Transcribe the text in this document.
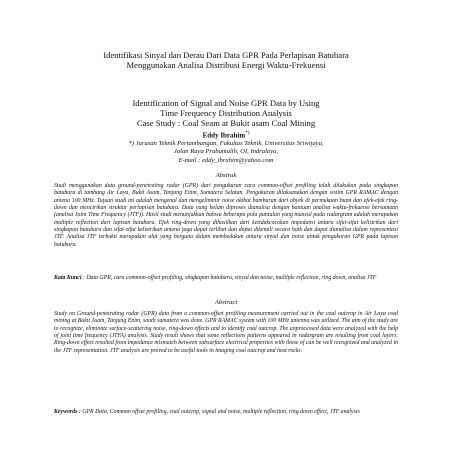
Identifikasi Sinyal dan Derau Dari Data GPR Pada Perlapisan Batubara
Menggunakan Analisa Distribusi Energi Waktu-Frekuensi
Identification of Signal and Noise GPR Data by Using
Time Frequency Distribution Analysis
Case Study : Coal Seam at Bukit asam Coal Mining
Eddy Ibrahim*)
*) Jurusan Teknik Pertambangan, Fakultas Teknik, Universitas Sriwijaya,
Jalan Raya Prabumulih, OI, Indralaya,
E-mail : eddy_ibrahim@yahoo.com
Abstrak
Studi menggunakan data ground-penetrating radar (GPR) dari pengukuran cara common-offset profiling telah dilakukan pada singkapan batubara di tambang Air Laya, Bukit Asam, Tanjung Enim, Sumatera Selatan. Pengukuran dilaksanakan dengan sistim GPR RAMAC dengan antena 100 MHz. Tujuan studi ini adalah mengenal dan mengeliminir noise akibat bamburan dari obyek di permukaan bumi dan efek-efek ring-down dan mencirikan struktur perlapisan batubara. Data yang belum diproses dianalisa dengan bantuan analisa waktu-frekuensi bersamaan (analisa Joint Time Frequency (JTF)). Hasil studi menunjukkan bahwa beberapa pola pantulan yang muncul pada radargram adalah merupakan multiple reflection dari lapisan batubara. Efek ring-down yang dihasilkan dari ketidakcocokan impedansi antara sifat-sifat kelistrikan dari singkapan batubara dan sifat-sifat kelistrikan antena juga dapat terlihat dan dapat dikenali secara baik dan dapat dianalisa dalam representasi JTF. Analisa JTF terbukti merupakan alat yang berguna dalam membedakan antara sinyal dan noise untuk pengukuran GPR pada lapisan batubara.
Kata Kunci : Data GPR, cara common-offset profiling, singkapan batubara, sinyal dan noise, multiple reflection, ring down, analisa JTF
Abstract
Study on Ground-penetrating radar (GPR) data from a common-offset profiling measurement carried out in the coal outcrop in Air Laya coal mining at Bukit Asam, Tanjung Enim, south sumatera was done. GPR RAMAC system with 100 MHz antenna was utilized. The aim of the study are to recognize, eliminate surface-scattering noise, ring-down effects and to identify coal outcrop. The unprocessed data were analyzed with the help of joint time frequency (JTFA) analysis. Study result shows that some reflections patterns appeared in radargram are resulting from coal layers. Ring-down effect resulted from impedance mismatch between subsurface electrical properties with those of can be well recognized and analyzed in the JTF representation. JTF analysis are proved to be useful tools in imaging coal outcrop and host rocks.
Keywords : GPR Data, Common offset profiling, coal outcrop, signal and noise, multiple reflection, ring down effect, JTF analysis
